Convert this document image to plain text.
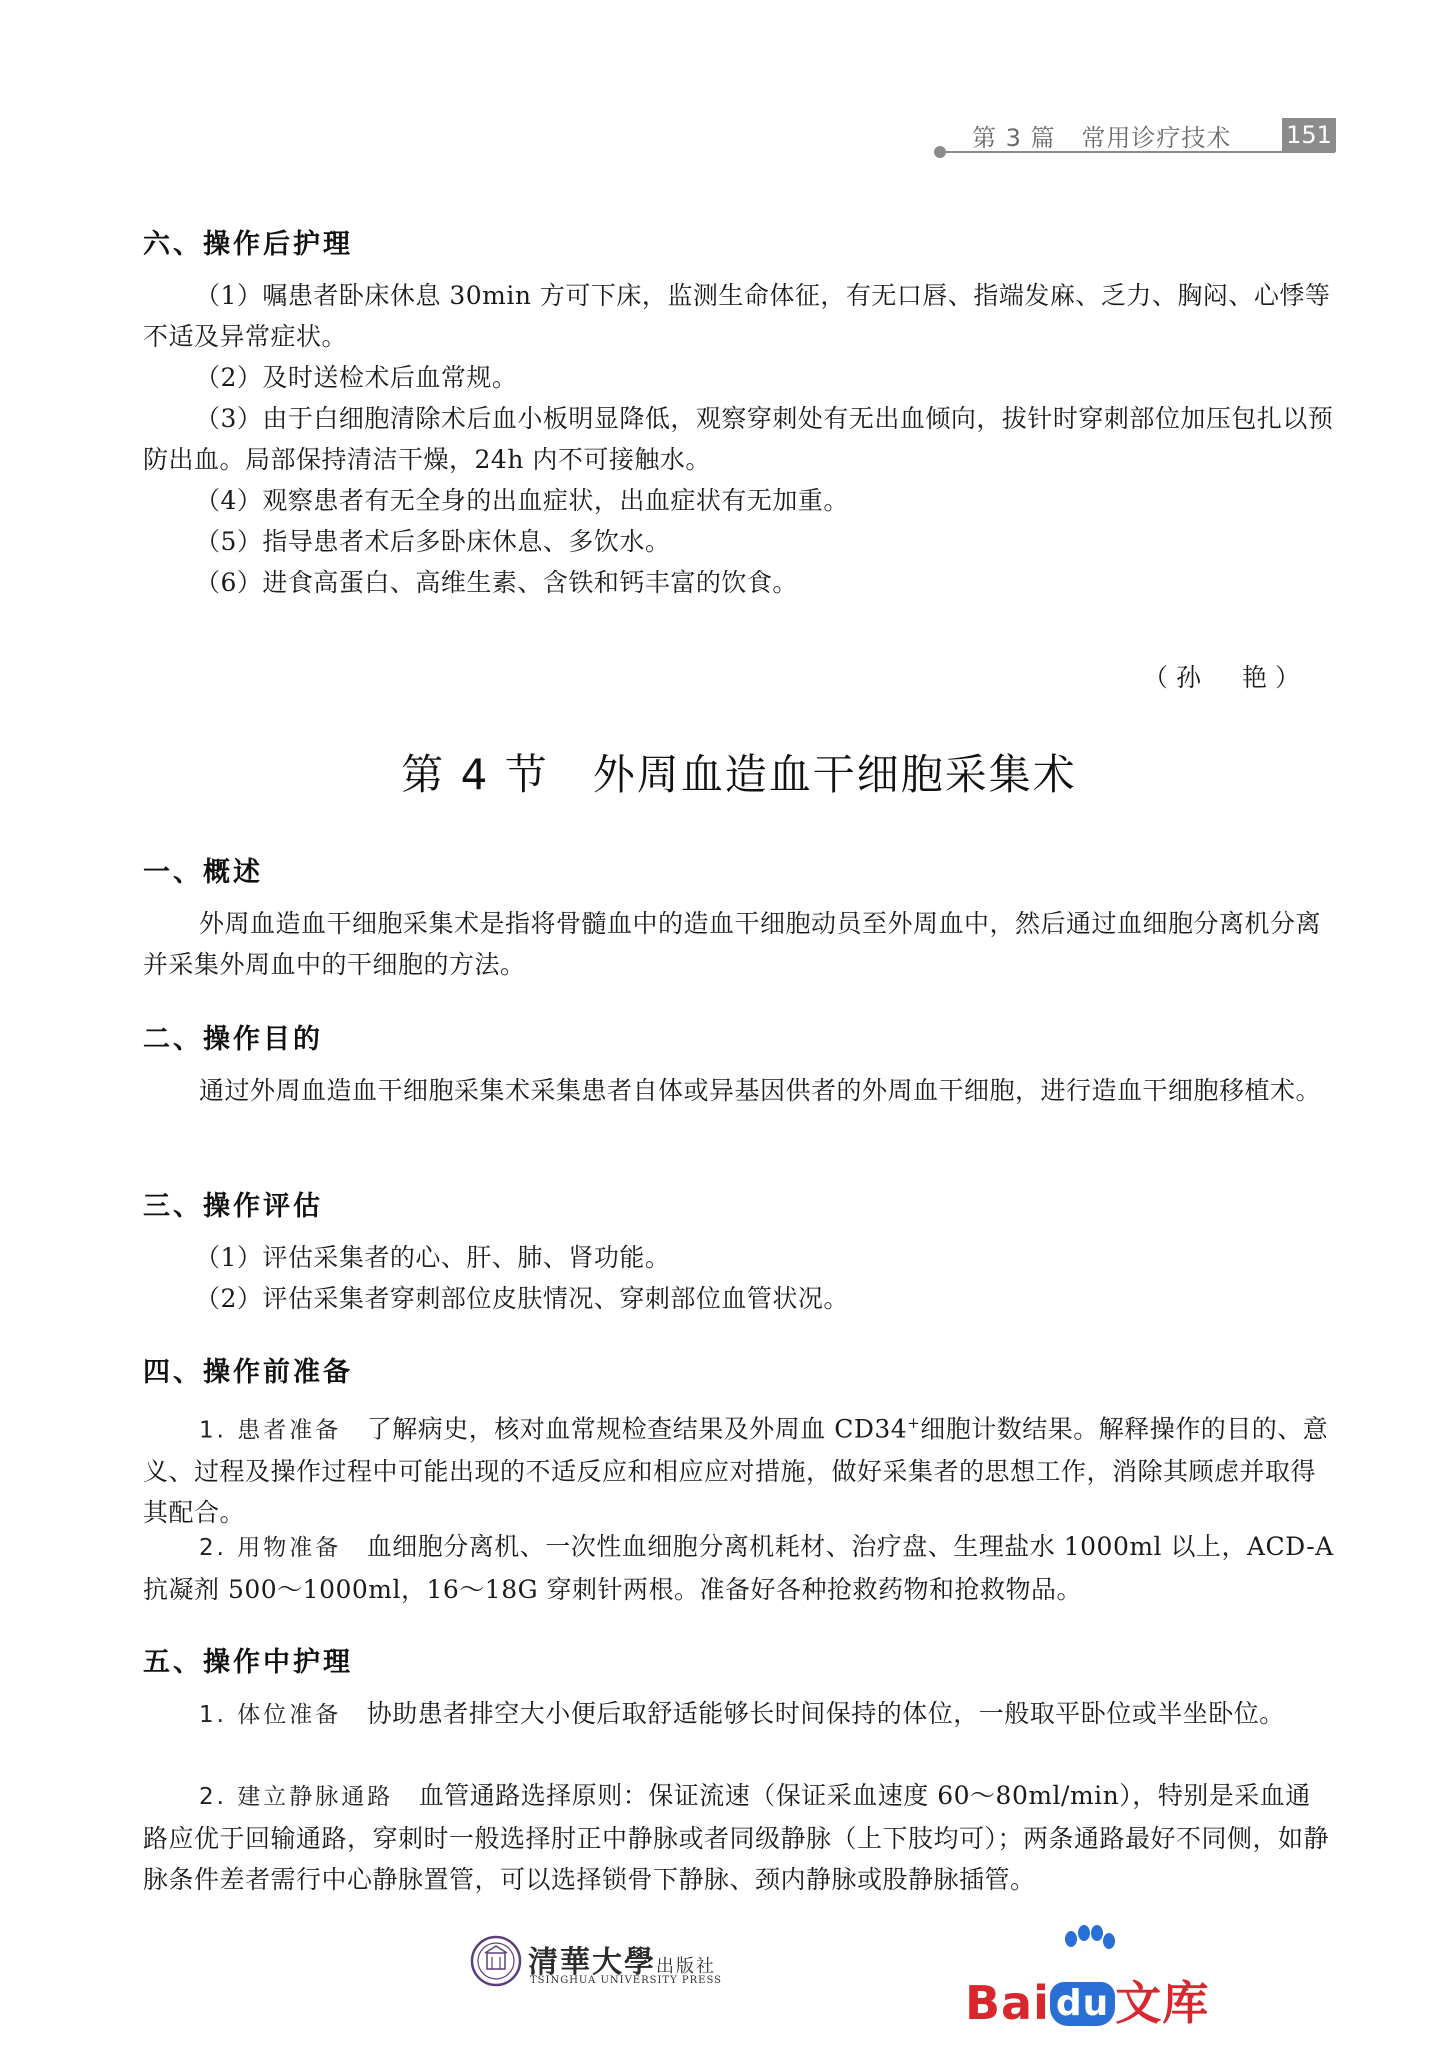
第 3 篇 常用诊疗技术 151
六、操作后护理
（1）嘱患者卧床休息 30min 方可下床，监测生命体征，有无口唇、指端发麻、乏力、胸闷、心悸等不适及异常症状。
（2）及时送检术后血常规。
（3）由于白细胞清除术后血小板明显降低，观察穿刺处有无出血倾向，拔针时穿刺部位加压包扎以预防出血。局部保持清洁干燥，24h 内不可接触水。
（4）观察患者有无全身的出血症状，出血症状有无加重。
（5）指导患者术后多卧床休息、多饮水。
（6）进食高蛋白、高维生素、含铁和钙丰富的饮食。
（孙　艳）
第 4 节　外周血造血干细胞采集术
一、概述
外周血造血干细胞采集术是指将骨髓血中的造血干细胞动员至外周血中，然后通过血细胞分离机分离并采集外周血中的干细胞的方法。
二、操作目的
通过外周血造血干细胞采集术采集患者自体或异基因供者的外周血干细胞，进行造血干细胞移植术。
三、操作评估
（1）评估采集者的心、肝、肺、肾功能。
（2）评估采集者穿刺部位皮肤情况、穿刺部位血管状况。
四、操作前准备
1. 患者准备　 了解病史，核对血常规检查结果及外周血 CD34+细胞计数结果。解释操作的目的、意义、过程及操作过程中可能出现的不适反应和相应应对措施，做好采集者的思想工作，消除其顾虑并取得其配合。
2. 用物准备　 血细胞分离机、一次性血细胞分离机耗材、治疗盘、生理盐水 1000ml 以上，ACD-A 抗凝剂 500～1000ml，16～18G 穿刺针两根。准备好各种抢救药物和抢救物品。
五、操作中护理
1. 体位准备　 协助患者排空大小便后取舒适能够长时间保持的体位，一般取平卧位或半坐卧位。
2. 建立静脉通路　 血管通路选择原则：保证流速（保证采血速度 60～80ml/min），特别是采血通路应优于回输通路，穿刺时一般选择肘正中静脉或者同级静脉（上下肢均可）；两条通路最好不同侧，如静脉条件差者需行中心静脉置管，可以选择锁骨下静脉、颈内静脉或股静脉插管。
清華大學出版社
TSINGHUA UNIVERSITY PRESS	Bai du 文库
